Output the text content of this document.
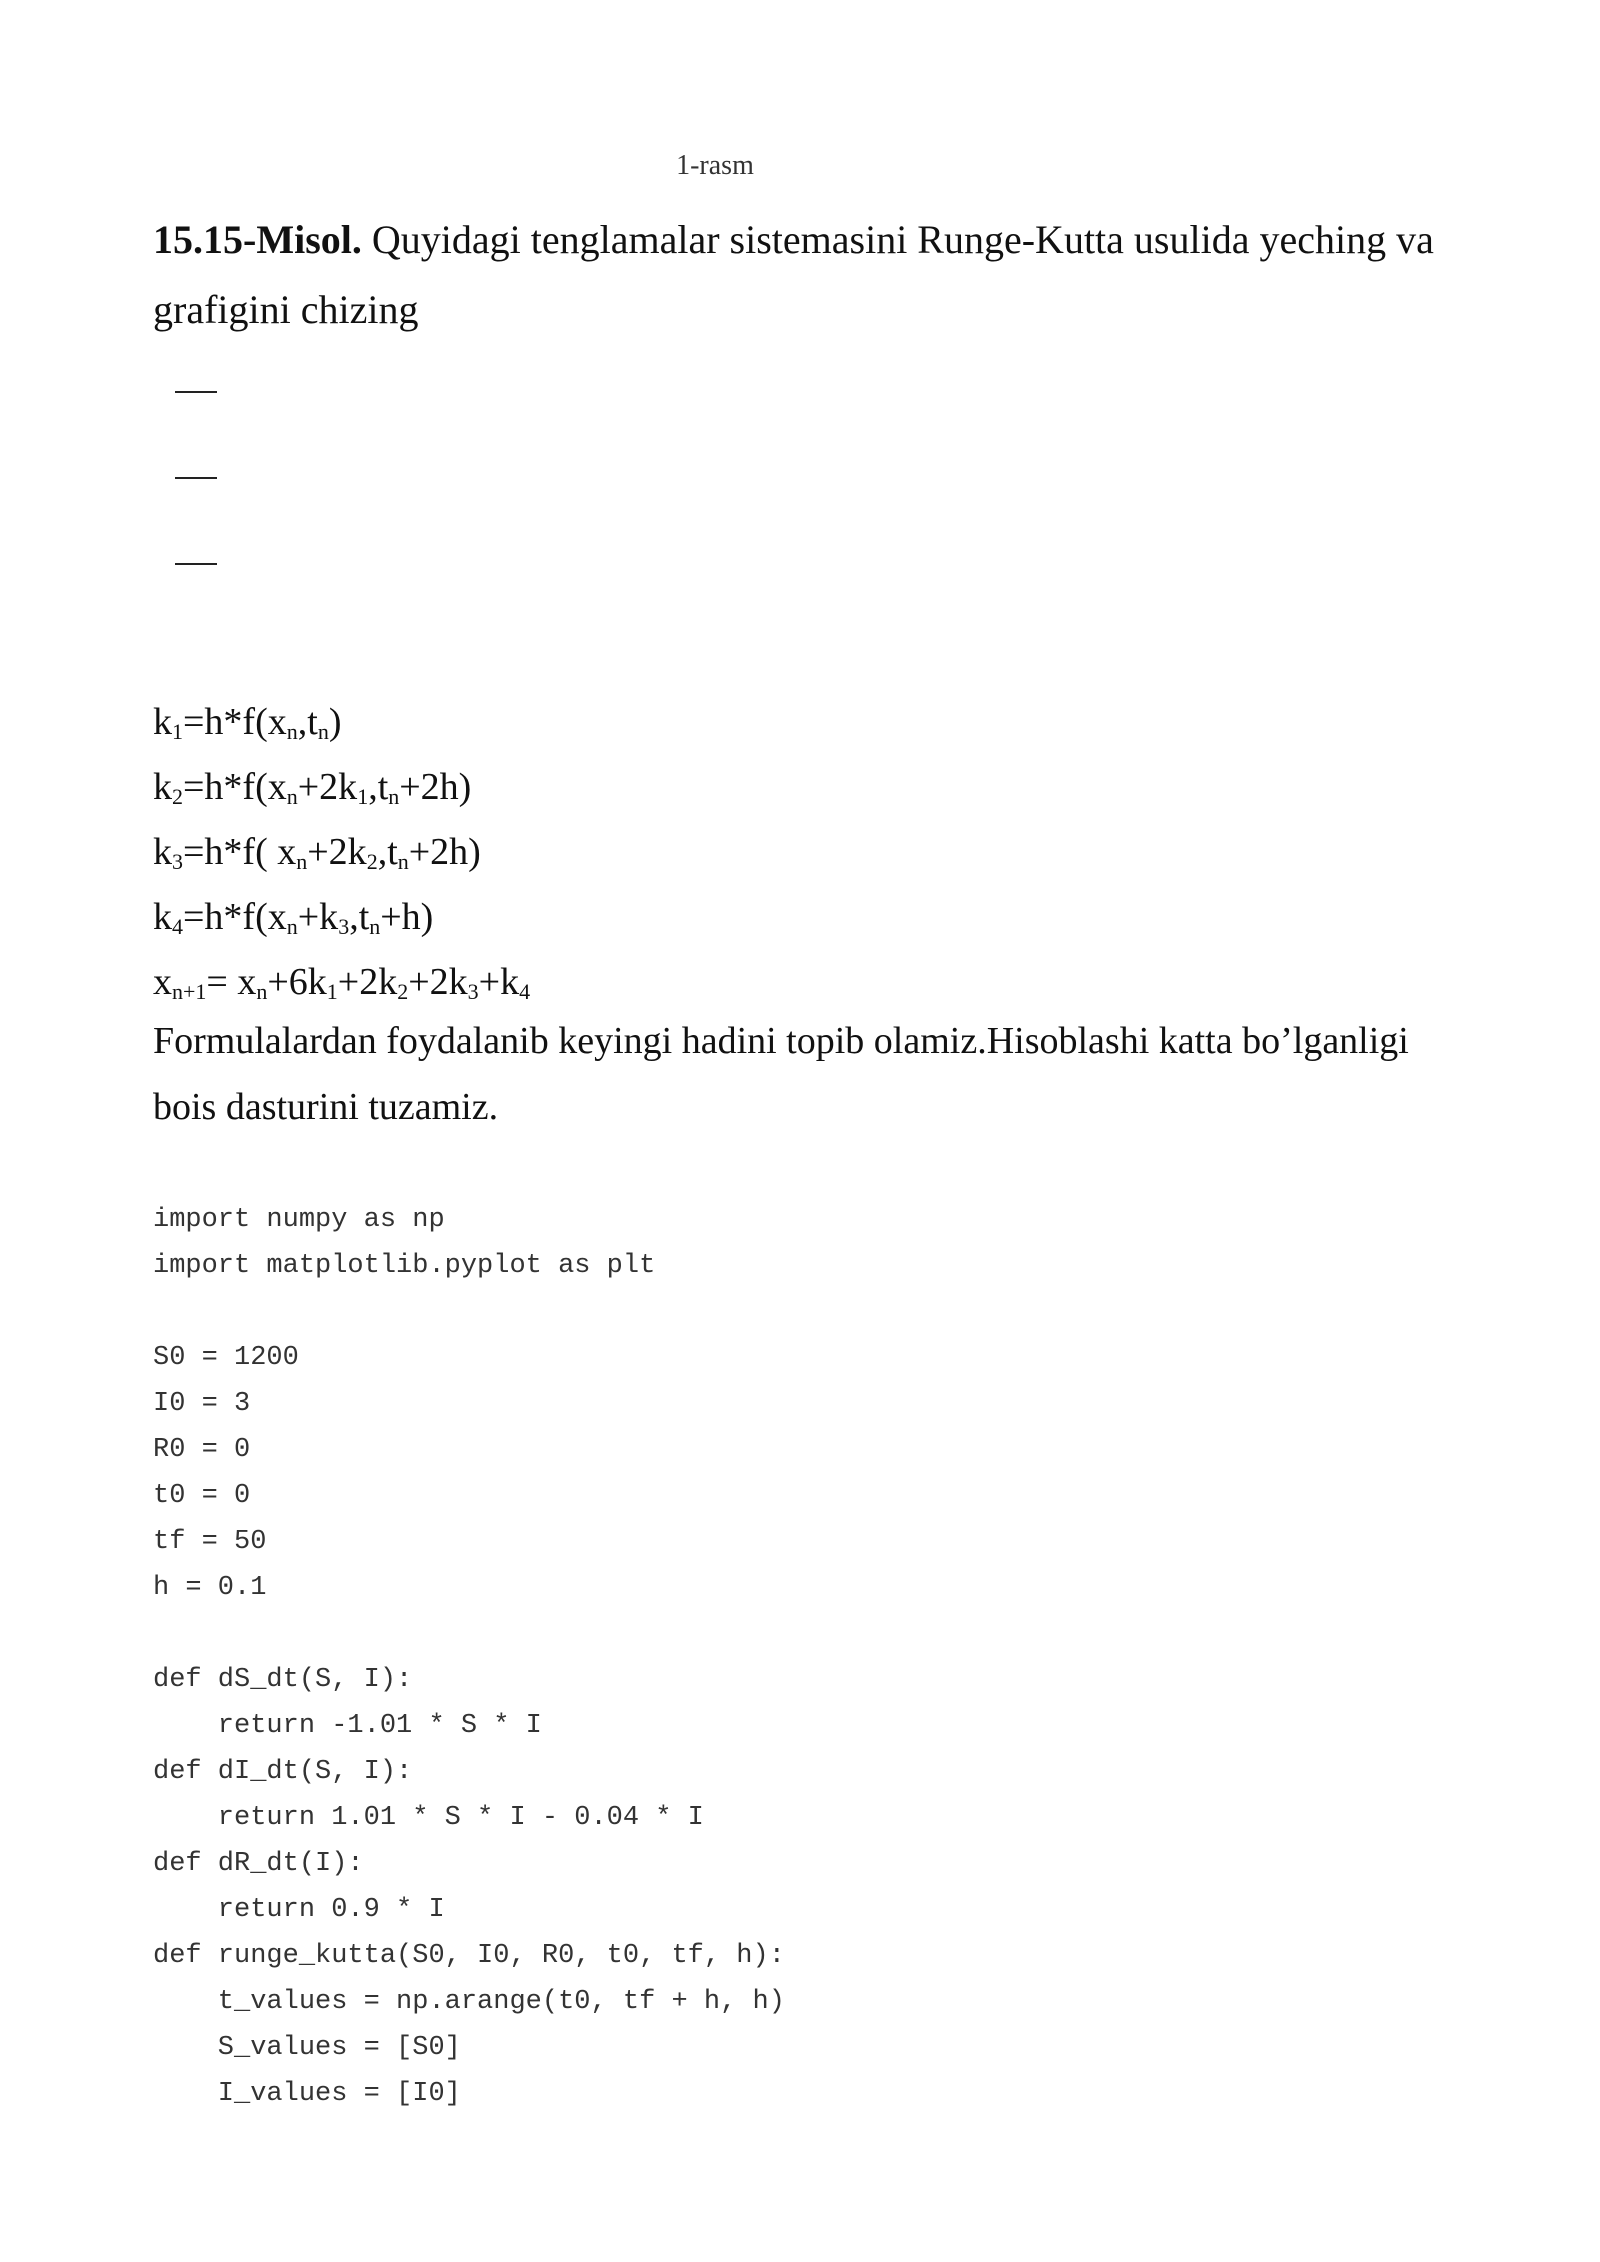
1-rasm
15.15-Misol. Quyidagi tenglamalar sistemasini Runge-Kutta usulida yeching va grafigini chizing
$k_1=h*f(x_n,t_n)$
$k_2=h*f(x_n+2k_1,t_n+2h)$
$k_3=h*f$( $x_n+2k_2,t_n+2h$)
$k_4=h*f(x_n+k_3,t_n+h)$
$x_{n+1}= x_n+6k_1+2k_2+2k_3+k_4$
Formulalardan foydalanib keyingi hadini topib olamiz.Hisoblashi katta bo’lganligi bois dasturini tuzamiz.
import numpy as np
import matplotlib.pyplot as plt
S0 = 1200
I0 = 3
R0 = 0
t0 = 0
tf = 50
h = 0.1
def dS_dt(S, I):
return -1.01 * S * I
def dI_dt(S, I):
return 1.01 * S * I - 0.04 * I
def dR_dt(I):
return 0.9 * I
def runge_kutta(S0, I0, R0, t0, tf, h):
t_values = np.arange(t0, tf + h, h)
S_values = [S0]
I_values = [I0]
